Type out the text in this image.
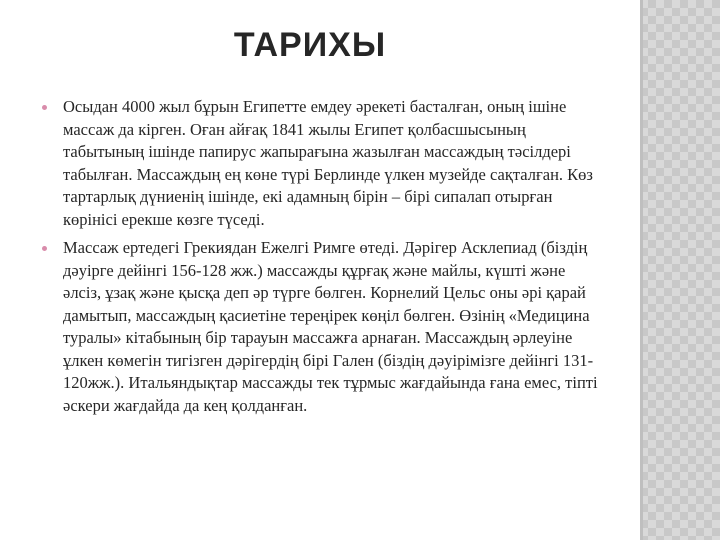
ТАРИХЫ
Осыдан 4000 жыл бұрын Египетте емдеу әрекеті басталған, оның ішіне массаж да кірген. Оған айғақ 1841 жылы Египет қолбасшысының табытының ішінде папирус жапырағына жазылған массаждың тәсілдері табылған. Массаждың ең көне түрі Берлинде үлкен музейде сақталған. Көз тартарлық дүниенің ішінде, екі адамның бірін – бірі сипалап отырған көрінісі ерекше көзге түседі.
Массаж ертедегі Грекиядан Ежелгі Римге өтеді. Дәрігер Асклепиад (біздің дәуірге дейінгі 156-128 жж.) массажды құрғақ және майлы, күшті және әлсіз, ұзақ және қысқа деп әр түрге бөлген. Корнелий Цельс оны әрі қарай дамытып, массаждың қасиетіне тереңірек көңіл бөлген. Өзінің «Медицина туралы» кітабының бір тарауын массажға арнаған. Массаждың әрлеуіне ұлкен көмегін тигізген дәрігердің бірі Гален (біздің дәуірімізге дейінгі 131-120жж.). Итальяндықтар массажды тек тұрмыс жағдайында ғана емес, тіпті әскери жағдайда да кең қолданған.
